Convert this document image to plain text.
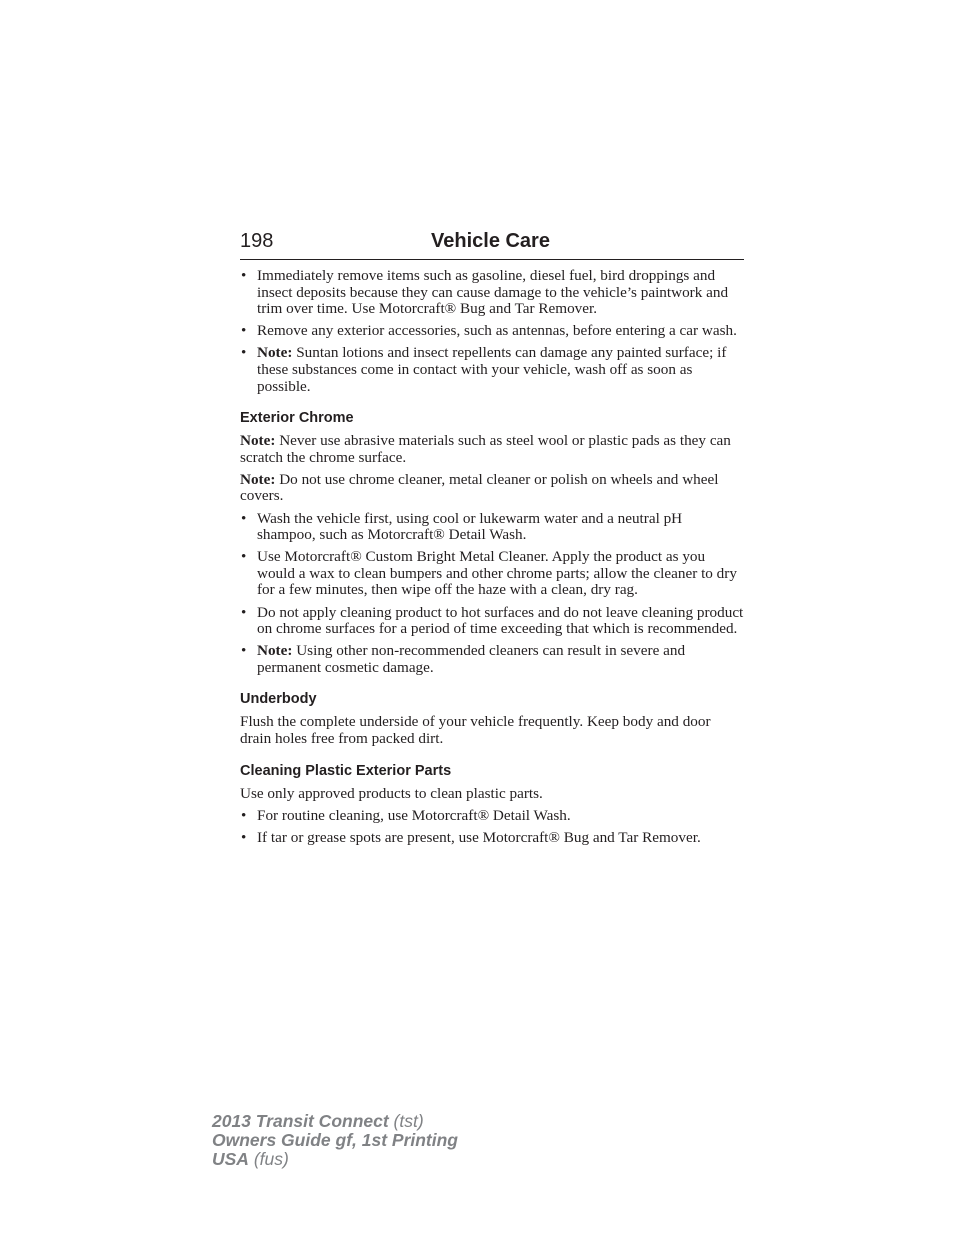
198	Vehicle Care
• Immediately remove items such as gasoline, diesel fuel, bird droppings and insect deposits because they can cause damage to the vehicle’s paintwork and trim over time. Use Motorcraft® Bug and Tar Remover.
• Remove any exterior accessories, such as antennas, before entering a car wash.
• Note: Suntan lotions and insect repellents can damage any painted surface; if these substances come in contact with your vehicle, wash off as soon as possible.
Exterior Chrome

Note: Never use abrasive materials such as steel wool or plastic pads as they can scratch the chrome surface.

Note: Do not use chrome cleaner, metal cleaner or polish on wheels and wheel covers.

• Wash the vehicle first, using cool or lukewarm water and a neutral pH shampoo, such as Motorcraft® Detail Wash.
• Use Motorcraft® Custom Bright Metal Cleaner. Apply the product as you would a wax to clean bumpers and other chrome parts; allow the cleaner to dry for a few minutes, then wipe off the haze with a clean, dry rag.
• Do not apply cleaning product to hot surfaces and do not leave cleaning product on chrome surfaces for a period of time exceeding that which is recommended.
• Note: Using other non-recommended cleaners can result in severe and permanent cosmetic damage.
Underbody

Flush the complete underside of your vehicle frequently. Keep body and door drain holes free from packed dirt.

Cleaning Plastic Exterior Parts

Use only approved products to clean plastic parts.

• For routine cleaning, use Motorcraft® Detail Wash.
• If tar or grease spots are present, use Motorcraft® Bug and Tar Remover.
2013 Transit Connect (tst)
Owners Guide gf, 1st Printing
USA (fus)
